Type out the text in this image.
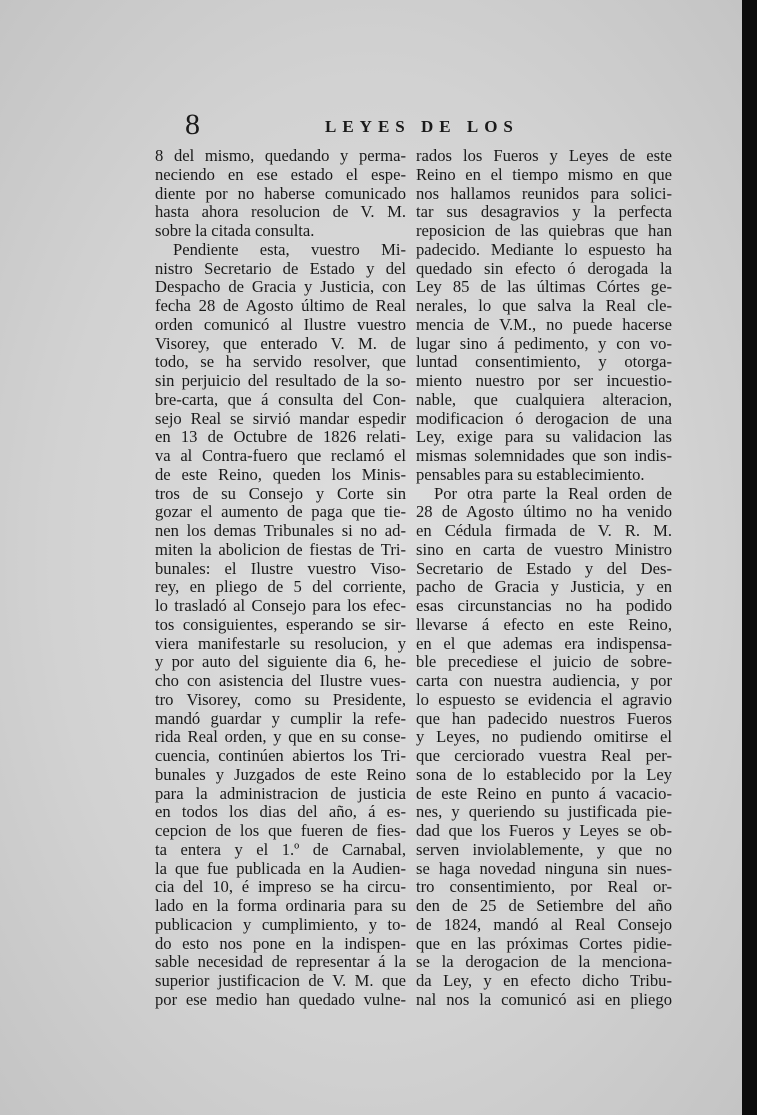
8	LEYES DE LOS
8 del mismo, quedando y perma-
neciendo en ese estado el espe-
diente por no haberse comunicado
hasta ahora resolucion de V. M.
sobre la citada consulta.
Pendiente esta, vuestro Mi-
nistro Secretario de Estado y del
Despacho de Gracia y Justicia, con
fecha 28 de Agosto último de Real
orden comunicó al Ilustre vuestro
Visorey, que enterado V. M. de
todo, se ha servido resolver, que
sin perjuicio del resultado de la so-
bre-carta, que á consulta del Con-
sejo Real se sirvió mandar espedir
en 13 de Octubre de 1826 relati-
va al Contra-fuero que reclamó el
de este Reino, queden los Minis-
tros de su Consejo y Corte sin
gozar el aumento de paga que tie-
nen los demas Tribunales si no ad-
miten la abolicion de fiestas de Tri-
bunales: el Ilustre vuestro Viso-
rey, en pliego de 5 del corriente,
lo trasladó al Consejo para los efec-
tos consiguientes, esperando se sir-
viera manifestarle su resolucion, y
y por auto del siguiente dia 6, he-
cho con asistencia del Ilustre vues-
tro Visorey, como su Presidente,
mandó guardar y cumplir la refe-
rida Real orden, y que en su conse-
cuencia, continúen abiertos los Tri-
bunales y Juzgados de este Reino
para la administracion de justicia
en todos los dias del año, á es-
cepcion de los que fueren de fies-
ta entera y el 1.º de Carnabal,
la que fue publicada en la Audien-
cia del 10, é impreso se ha circu-
lado en la forma ordinaria para su
publicacion y cumplimiento, y to-
do esto nos pone en la indispen-
sable necesidad de representar á la
superior justificacion de V. M. que
por ese medio han quedado vulne-
rados los Fueros y Leyes de este
Reino en el tiempo mismo en que
nos hallamos reunidos para solici-
tar sus desagravios y la perfecta
reposicion de las quiebras que han
padecido. Mediante lo espuesto ha
quedado sin efecto ó derogada la
Ley 85 de las últimas Córtes ge-
nerales, lo que salva la Real cle-
mencia de V.M., no puede hacerse
lugar sino á pedimento, y con vo-
luntad consentimiento, y otorga-
miento nuestro por ser incuestio-
nable, que cualquiera alteracion,
modificacion ó derogacion de una
Ley, exige para su validacion las
mismas solemnidades que son indis-
pensables para su establecimiento.
Por otra parte la Real orden de
28 de Agosto último no ha venido
en Cédula firmada de V. R. M.
sino en carta de vuestro Ministro
Secretario de Estado y del Des-
pacho de Gracia y Justicia, y en
esas circunstancias no ha podido
llevarse á efecto en este Reino,
en el que ademas era indispensa-
ble precediese el juicio de sobre-
carta con nuestra audiencia, y por
lo espuesto se evidencia el agravio
que han padecido nuestros Fueros
y Leyes, no pudiendo omitirse el
que cerciorado vuestra Real per-
sona de lo establecido por la Ley
de este Reino en punto á vacacio-
nes, y queriendo su justificada pie-
dad que los Fueros y Leyes se ob-
serven inviolablemente, y que no
se haga novedad ninguna sin nues-
tro consentimiento, por Real or-
den de 25 de Setiembre del año
de 1824, mandó al Real Consejo
que en las próximas Cortes pidie-
se la derogacion de la menciona-
da Ley, y en efecto dicho Tribu-
nal nos la comunicó asi en pliego
